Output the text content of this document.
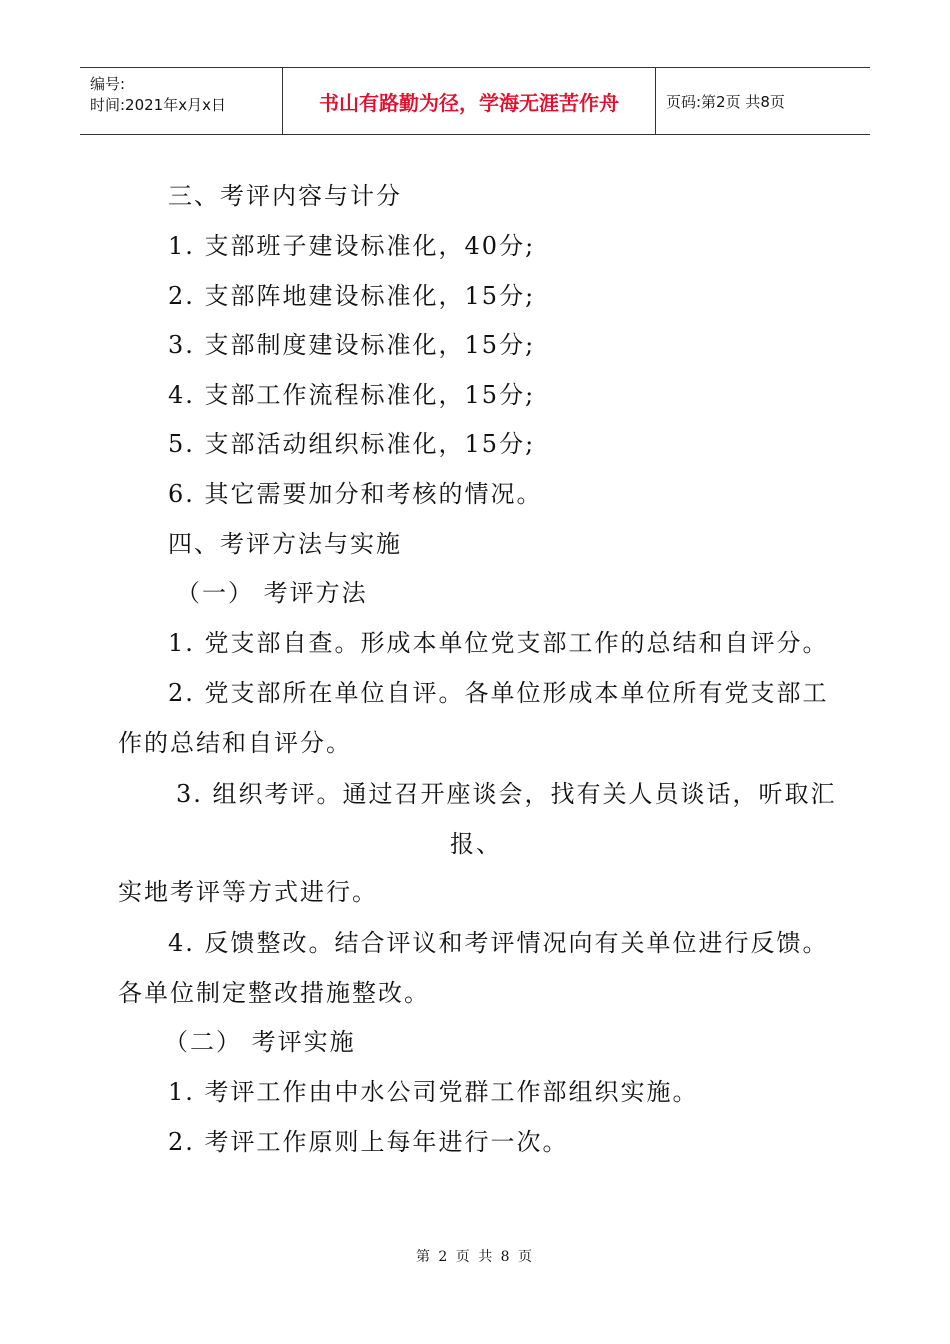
编号:
时间:2021年x月x日	书山有路勤为径，学海无涯苦作舟	页码:第2页 共8页
三、考评内容与计分
1. 支部班子建设标准化，40分;
2. 支部阵地建设标准化，15分;
3. 支部制度建设标准化，15分;
4. 支部工作流程标准化，15分;
5. 支部活动组织标准化，15分;
6. 其它需要加分和考核的情况。
四、考评方法与实施
（一） 考评方法
1. 党支部自查。形成本单位党支部工作的总结和自评分。
2. 党支部所在单位自评。各单位形成本单位所有党支部工
作的总结和自评分。
3. 组织考评。通过召开座谈会，找有关人员谈话，听取汇
报、
实地考评等方式进行。
4. 反馈整改。结合评议和考评情况向有关单位进行反馈。
各单位制定整改措施整改。
（二） 考评实施
1. 考评工作由中水公司党群工作部组织实施。
2. 考评工作原则上每年进行一次。
第 2 页 共 8 页
